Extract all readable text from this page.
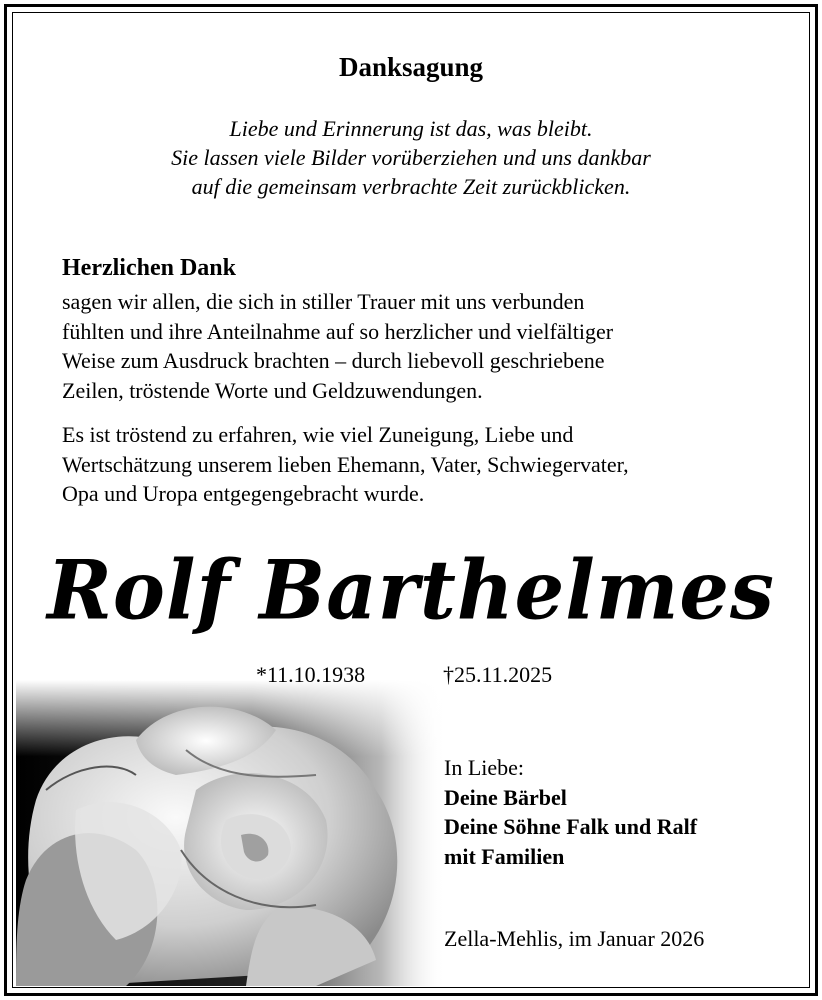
Danksagung
Liebe und Erinnerung ist das, was bleibt.
Sie lassen viele Bilder vorüberziehen und uns dankbar
auf die gemeinsam verbrachte Zeit zurückblicken.
Herzlichen Dank
sagen wir allen, die sich in stiller Trauer mit uns verbunden
fühlten und ihre Anteilnahme auf so herzlicher und vielfältiger
Weise zum Ausdruck brachten – durch liebevoll geschriebene
Zeilen, tröstende Worte und Geldzuwendungen.
Es ist tröstend zu erfahren, wie viel Zuneigung, Liebe und
Wertschätzung unserem lieben Ehemann, Vater, Schwiegervater,
Opa und Uropa entgegengebracht wurde.
Rolf Barthelmes
*11.10.1938	†25.11.2025
In Liebe:
Deine Bärbel
Deine Söhne Falk und Ralf
mit Familien
Zella-Mehlis, im Januar 2026
